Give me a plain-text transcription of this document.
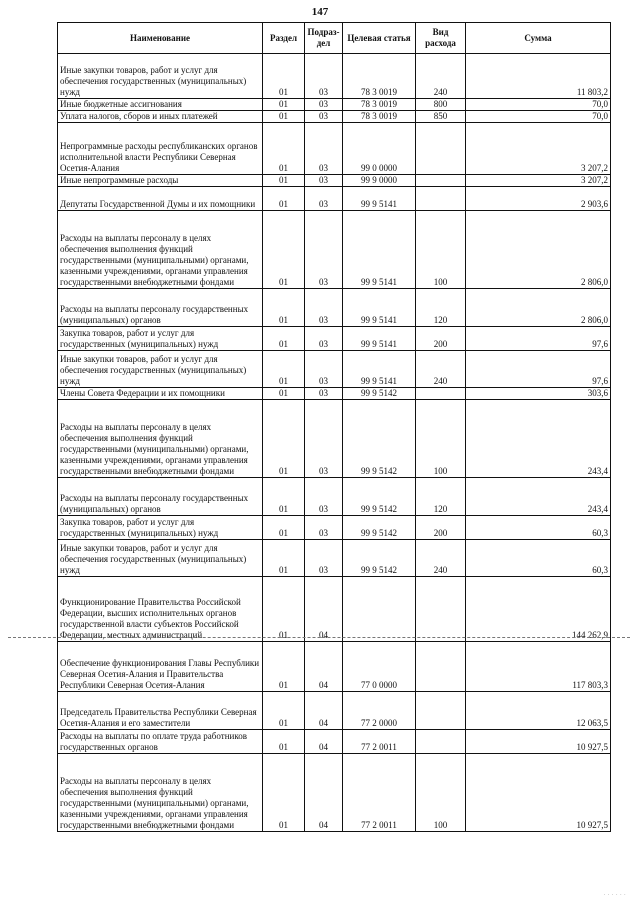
147
Наименование	Раздел	Подраз-дел	Целевая статья	Вид расхода	Сумма
Иные закупки товаров, работ и услуг для обеспечения государственных (муниципальных) нужд	01	03	78 3 0019	240	11 803,2
Иные бюджетные ассигнования	01	03	78 3 0019	800	70,0
Уплата налогов, сборов и иных платежей	01	03	78 3 0019	850	70,0
Непрограммные расходы республиканских органов исполнительной власти Республики Северная Осетия-Алания	01	03	99 0 0000		3 207,2
Иные непрограммные расходы	01	03	99 9 0000		3 207,2
Депутаты Государственной Думы и их помощники	01	03	99 9 5141		2 903,6
Расходы на выплаты персоналу в целях обеспечения выполнения функций государственными (муниципальными) органами, казенными учреждениями, органами управления государственными внебюджетными фондами	01	03	99 9 5141	100	2 806,0
Расходы на выплаты персоналу государственных (муниципальных) органов	01	03	99 9 5141	120	2 806,0
Закупка товаров, работ и услуг для государственных (муниципальных) нужд	01	03	99 9 5141	200	97,6
Иные закупки товаров, работ и услуг для обеспечения государственных (муниципальных) нужд	01	03	99 9 5141	240	97,6
Члены Совета Федерации и их помощники	01	03	99 9 5142		303,6
Расходы на выплаты персоналу в целях обеспечения выполнения функций государственными (муниципальными) органами, казенными учреждениями, органами управления государственными внебюджетными фондами	01	03	99 9 5142	100	243,4
Расходы на выплаты персоналу государственных (муниципальных) органов	01	03	99 9 5142	120	243,4
Закупка товаров, работ и услуг для государственных (муниципальных) нужд	01	03	99 9 5142	200	60,3
Иные закупки товаров, работ и услуг для обеспечения государственных (муниципальных) нужд	01	03	99 9 5142	240	60,3
Функционирование Правительства Российской Федерации, высших исполнительных органов государственной власти субъектов Российской Федерации, местных администраций	01	04			144 262,9
Обеспечение функционирования Главы Республики Северная Осетия-Алания и Правительства Республики Северная Осетия-Алания	01	04	77 0 0000		117 803,3
Председатель Правительства Республики Северная Осетия-Алания и его заместители	01	04	77 2 0000		12 063,5
Расходы на выплаты по оплате труда работников государственных органов	01	04	77 2 0011		10 927,5
Расходы на выплаты персоналу в целях обеспечения выполнения функций государственными (муниципальными) органами, казенными учреждениями, органами управления государственными внебюджетными фондами	01	04	77 2 0011	100	10 927,5
· · · · · ·
